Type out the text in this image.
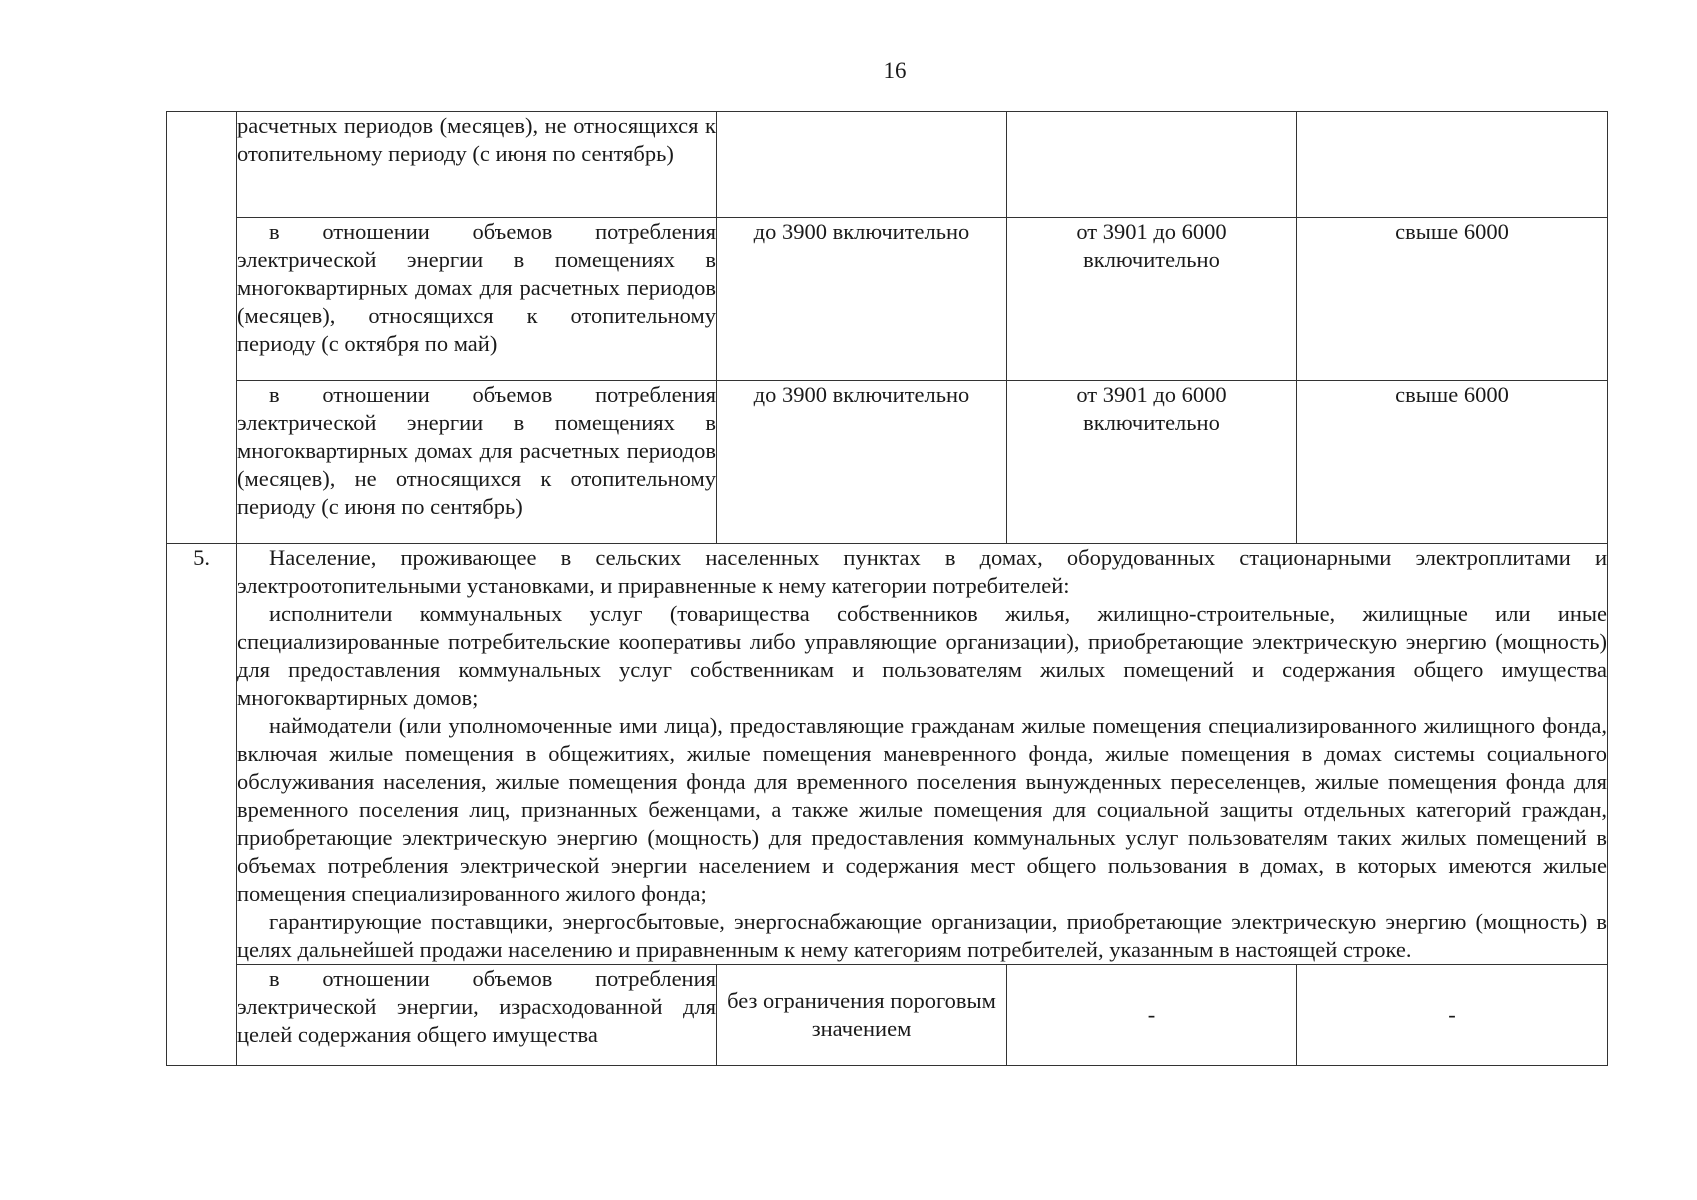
16

	расчетных периодов (месяцев), не относящихся к отопительному периоду (с июня по сентябрь)			

	в отношении объемов потребления электрической энергии в помещениях в многоквартирных домах для расчетных периодов (месяцев), относящихся к отопительному периоду (с октября по май)	до 3900 включительно	от 3901 до 6000 включительно	свыше 6000

	в отношении объемов потребления электрической энергии в помещениях в многоквартирных домах для расчетных периодов (месяцев), не относящихся к отопительному периоду (с июня по сентябрь)	до 3900 включительно	от 3901 до 6000 включительно	свыше 6000
5.	Население, проживающее в сельских населенных пунктах в домах, оборудованных стационарными электроплитами и электроотопительными установками, и приравненные к нему категории потребителей:

исполнители коммунальных услуг (товарищества собственников жилья, жилищно-строительные, жилищные или иные специализированные потребительские кооперативы либо управляющие организации), приобретающие электрическую энергию (мощность) для предоставления коммунальных услуг собственникам и пользователям жилых помещений и содержания общего имущества многоквартирных домов;

наймодатели (или уполномоченные ими лица), предоставляющие гражданам жилые помещения специализированного жилищного фонда, включая жилые помещения в общежитиях, жилые помещения маневренного фонда, жилые помещения в домах системы социального обслуживания населения, жилые помещения фонда для временного поселения вынужденных переселенцев, жилые помещения фонда для временного поселения лиц, признанных беженцами, а также жилые помещения для социальной защиты отдельных категорий граждан, приобретающие электрическую энергию (мощность) для предоставления коммунальных услуг пользователям таких жилых помещений в объемах потребления электрической энергии населением и содержания мест общего пользования в домах, в которых имеются жилые помещения специализированного жилого фонда;

гарантирующие поставщики, энергосбытовые, энергоснабжающие организации, приобретающие электрическую энергию (мощность) в целях дальнейшей продажи населению и приравненным к нему категориям потребителей, указанным в настоящей строке.			

	в отношении объемов потребления электрической энергии, израсходованной для целей содержания общего имущества	без ограничения пороговым значением	-	-
